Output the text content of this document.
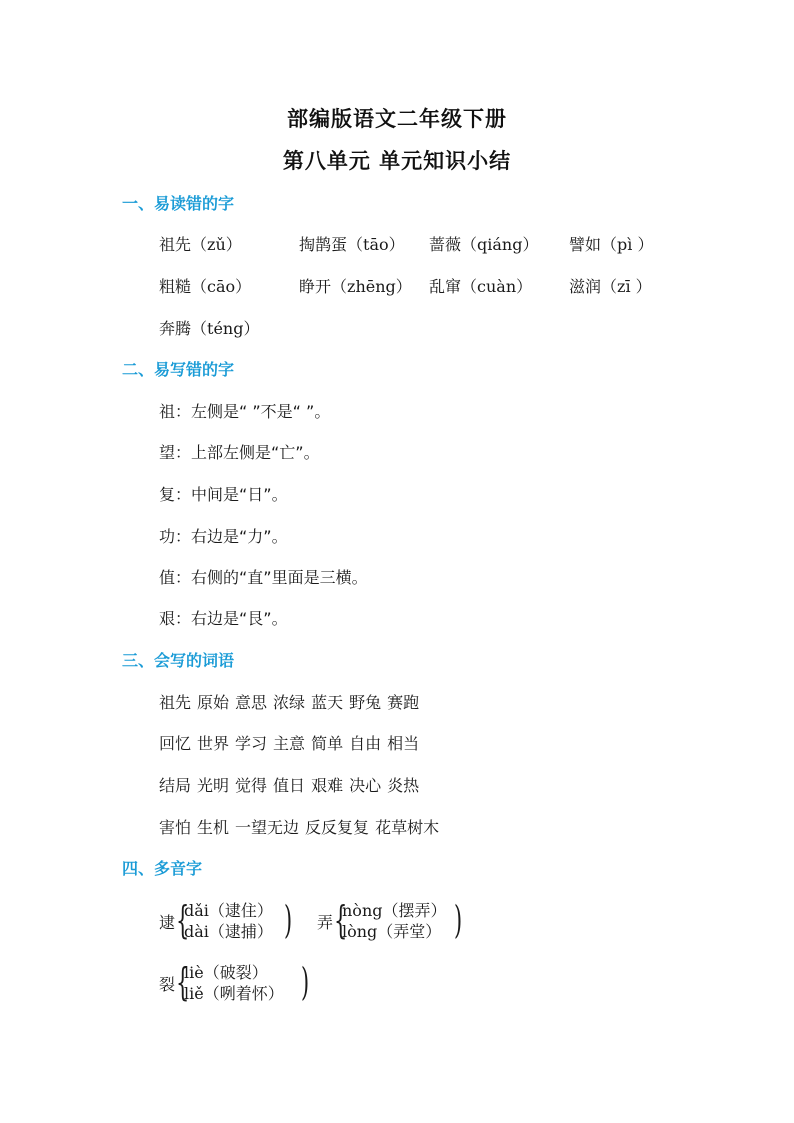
部编版语文二年级下册
第八单元 单元知识小结
一、易读错的字
祖先（zǔ）	掏鹊蛋（tāo） 蔷薇（qiáng） 譬如（pì ）
粗糙（cāo）	睁开（zhēng） 乱窜（cuàn） 滋润（zī ）
奔腾（téng）
二、易写错的字
祖：左侧是“ ”不是“ ”。
望：上部左侧是“亡”。
复：中间是“日”。
功：右边是“力”。
值：右侧的“直”里面是三横。
艰：右边是“艮”。
三、会写的词语
祖先 原始 意思 浓绿 蓝天 野兔 赛跑
回忆 世界 学习 主意 简单 自由 相当
结局 光明 觉得 值日 艰难 决心 炎热
害怕 生机 一望无边 反反复复 花草树木
四、多音字
逮 {
dǎi（逮住）
dài（逮捕） ) 弄 {
nòng（摆弄）
lòng（弄堂） )
裂 {
liè（破裂）
liě（咧着怀） )
